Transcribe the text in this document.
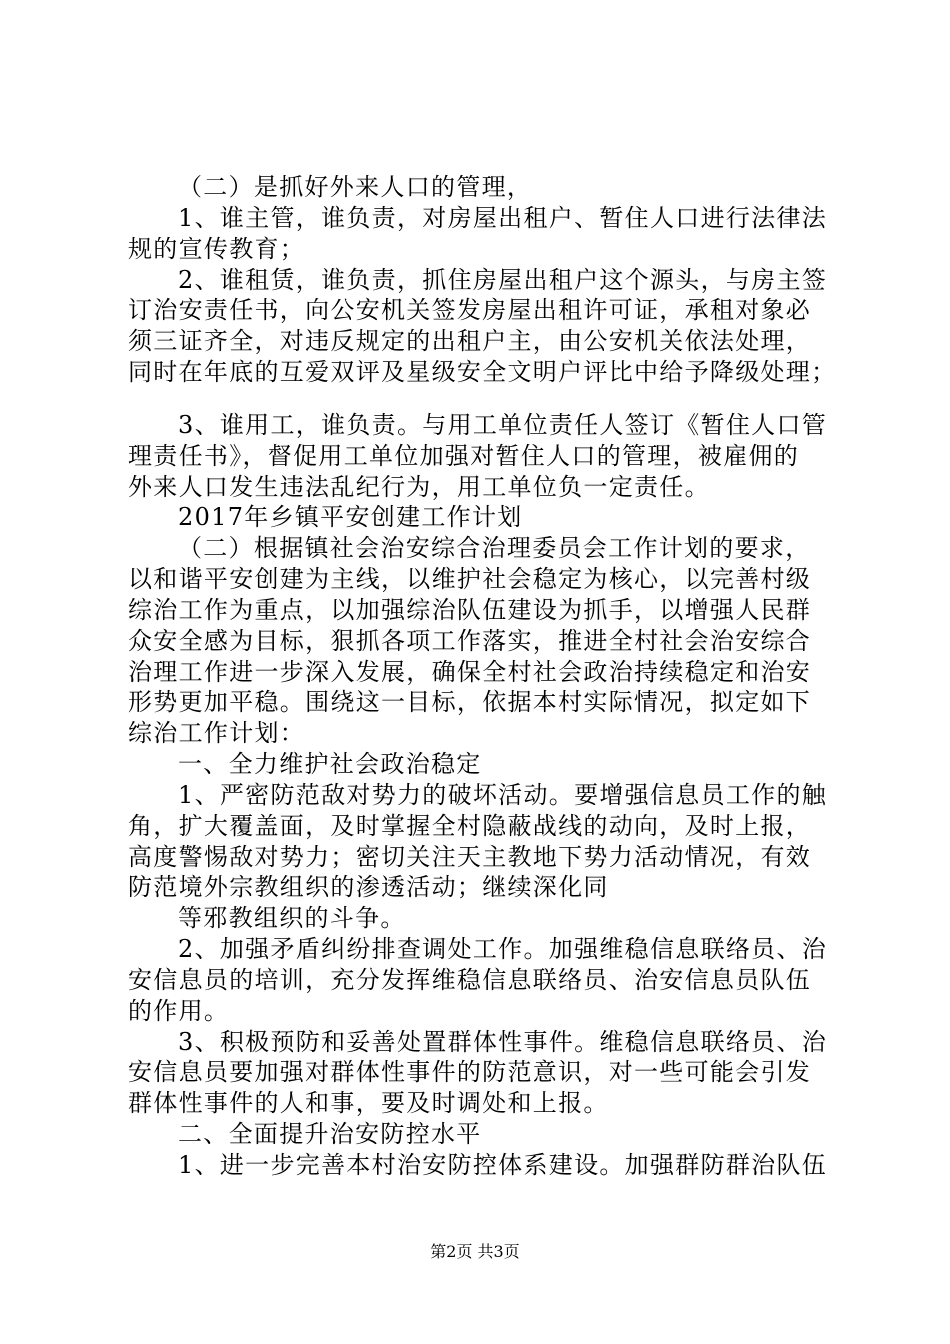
（二）是抓好外来人口的管理，
1、谁主管，谁负责，对房屋出租户、暂住人口进行法律法
规的宣传教育；
2、谁租赁，谁负责，抓住房屋出租户这个源头，与房主签
订治安责任书，向公安机关签发房屋出租许可证，承租对象必
须三证齐全，对违反规定的出租户主，由公安机关依法处理，
同时在年底的互爱双评及星级安全文明户评比中给予降级处理；
3、谁用工，谁负责。与用工单位责任人签订《暂住人口管
理责任书》，督促用工单位加强对暂住人口的管理，被雇佣的
外来人口发生违法乱纪行为，用工单位负一定责任。
2017年乡镇平安创建工作计划
（二）根据镇社会治安综合治理委员会工作计划的要求，
以和谐平安创建为主线，以维护社会稳定为核心，以完善村级
综治工作为重点，以加强综治队伍建设为抓手，以增强人民群
众安全感为目标，狠抓各项工作落实，推进全村社会治安综合
治理工作进一步深入发展，确保全村社会政治持续稳定和治安
形势更加平稳。围绕这一目标，依据本村实际情况，拟定如下
综治工作计划：
一、全力维护社会政治稳定
1、严密防范敌对势力的破坏活动。要增强信息员工作的触
角，扩大覆盖面，及时掌握全村隐蔽战线的动向，及时上报，
高度警惕敌对势力；密切关注天主教地下势力活动情况，有效
防范境外宗教组织的渗透活动；继续深化同
等邪教组织的斗争。
2、加强矛盾纠纷排查调处工作。加强维稳信息联络员、治
安信息员的培训，充分发挥维稳信息联络员、治安信息员队伍
的作用。
3、积极预防和妥善处置群体性事件。维稳信息联络员、治
第2页 共3页
安信息员要加强对群体性事件的防范意识，对一些可能会引发
群体性事件的人和事，要及时调处和上报。
二、全面提升治安防控水平
1、进一步完善本村治安防控体系建设。加强群防群治队伍
